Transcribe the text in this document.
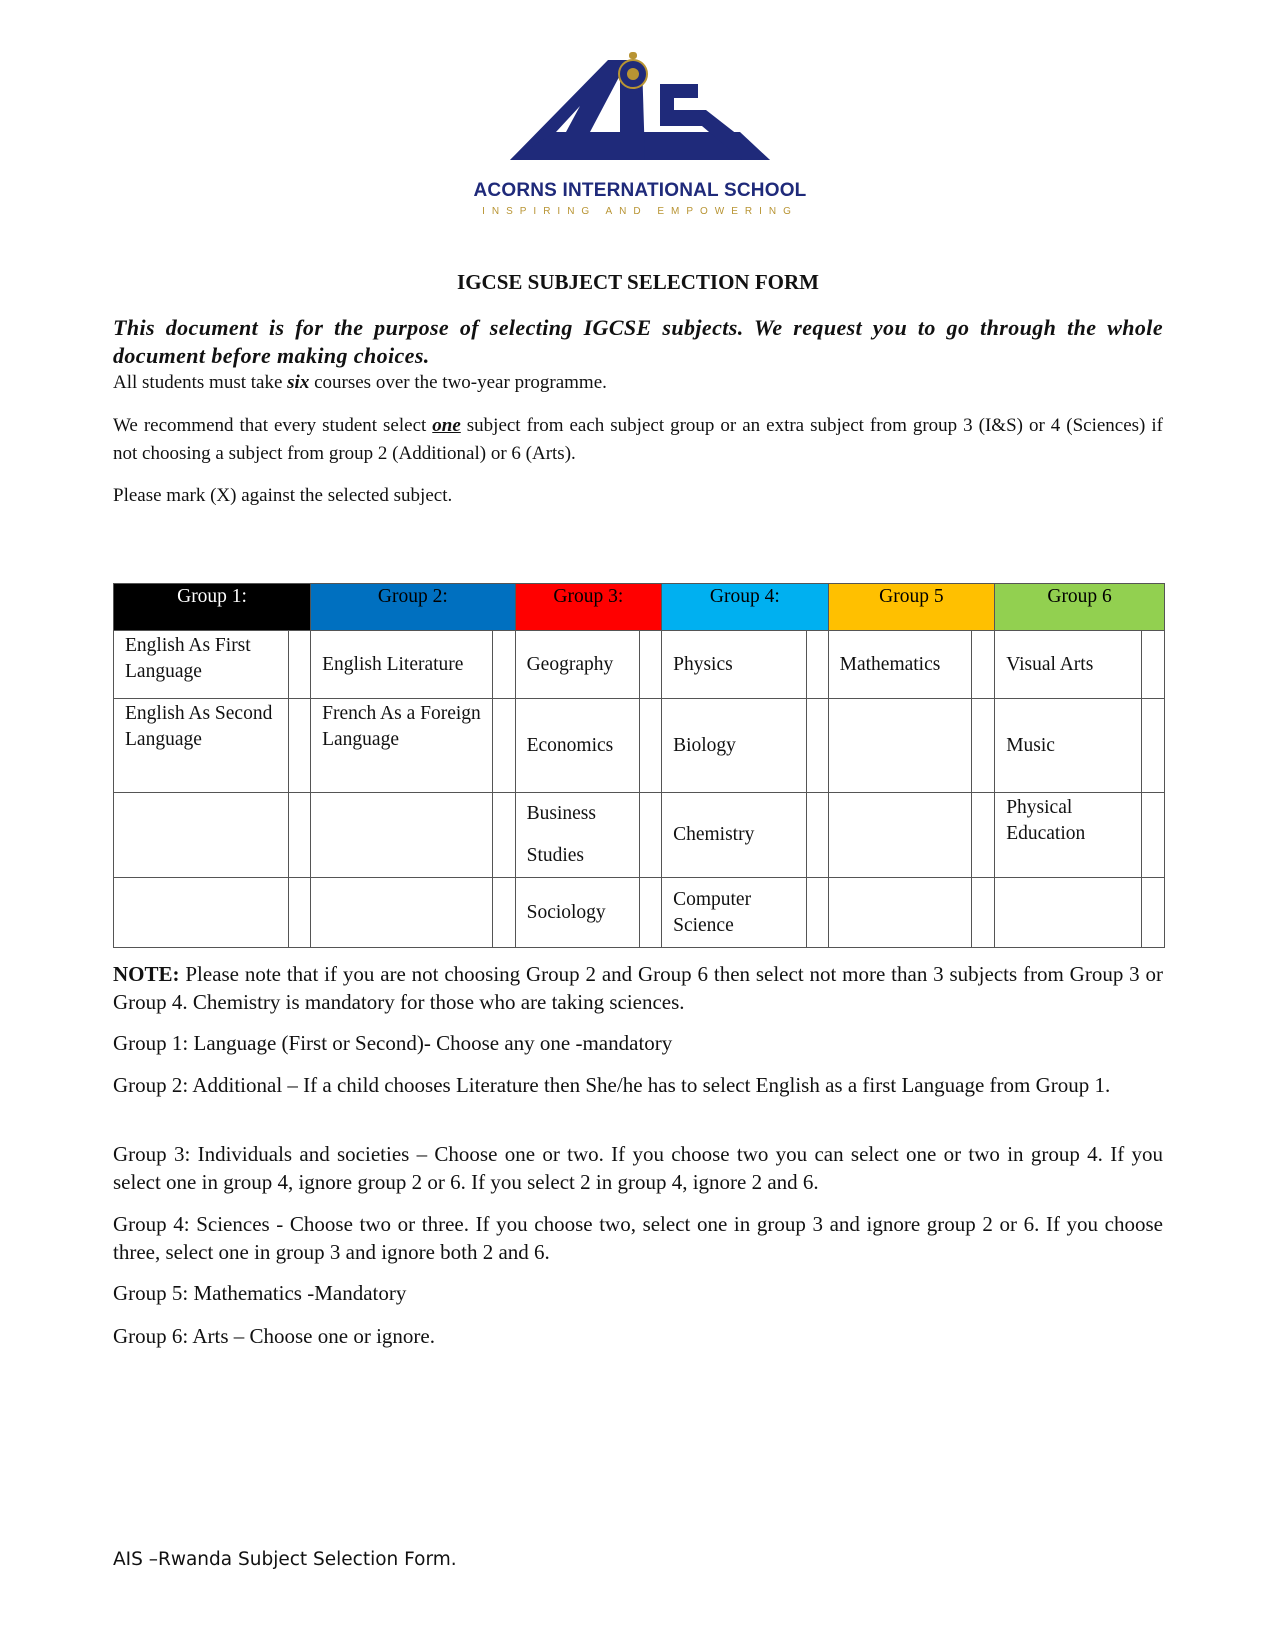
ACORNS INTERNATIONAL SCHOOL
INSPIRING AND EMPOWERING
IGCSE SUBJECT SELECTION FORM
This document is for the purpose of selecting IGCSE subjects. We request you to go through the whole document before making choices.
All students must take six courses over the two-year programme.
We recommend that every student select one subject from each subject group or an extra subject from group 3 (I&S) or 4 (Sciences) if not choosing a subject from group 2 (Additional) or 6 (Arts).
Please mark (X) against the selected subject.
Group 1:		Group 2:		Group 3:		Group 4:		Group 5		Group 6	
English As First Language		English Literature		Geography		Physics		Mathematics		Visual Arts	
English As Second Language		French As a Foreign Language		Economics		Biology				Music	
				Business Studies		Chemistry				Physical Education	
				Sociology		Computer Science					
NOTE: Please note that if you are not choosing Group 2 and Group 6 then select not more than 3 subjects from Group 3 or Group 4. Chemistry is mandatory for those who are taking sciences.
Group 1: Language (First or Second)- Choose any one -mandatory
Group 2: Additional – If a child chooses Literature then She/he has to select English as a first Language from Group 1.
Group 3: Individuals and societies – Choose one or two. If you choose two you can select one or two in group 4. If you select one in group 4, ignore group 2 or 6. If you select 2 in group 4, ignore 2 and 6.
Group 4: Sciences - Choose two or three. If you choose two, select one in group 3 and ignore group 2 or 6. If you choose three, select one in group 3 and ignore both 2 and 6.
Group 5: Mathematics -Mandatory
Group 6: Arts – Choose one or ignore.
AIS –Rwanda Subject Selection Form.
